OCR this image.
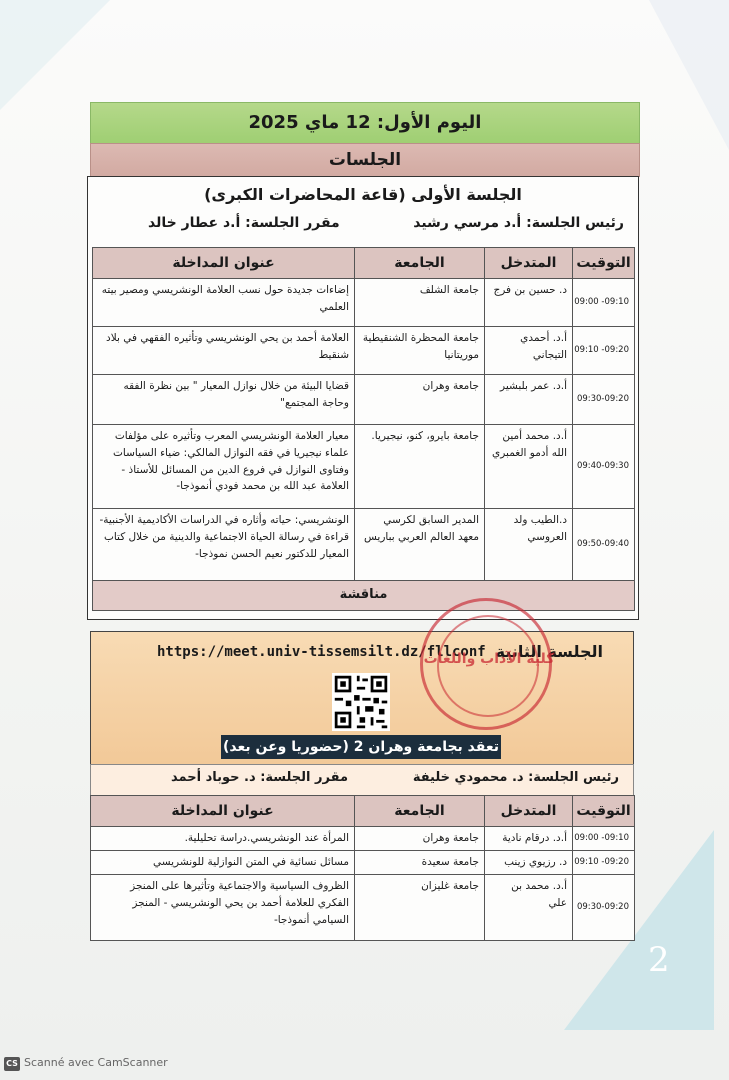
2
اليوم الأول: 12 ماي 2025
الجلسات
الجلسة الأولى (قاعة المحاضرات الكبرى)
رئيس الجلسة: أ.د مرسي رشيد
مقرر الجلسة: أ.د عطار خالد
التوقيت	المتدخل	الجامعة	عنوان المداخلة
09:10- 09:00	د. حسين بن فرج	جامعة الشلف	إضاءات جديدة حول نسب العلامة الونشريسي ومصير بيته العلمي
09:20- 09:10	أ.د. أحمدي التيجاني	جامعة المحظرة الشنقيطية موريتانيا	العلامة أحمد بن يحي الونشريسي وتأثيره الفقهي في بلاد شنقيط
09:30-09:20	أ.د. عمر بلبشير	جامعة وهران	قضايا البيئة من خلال نوازل المعيار " بين نظرة الفقه وحاجة المجتمع"
09:40-09:30	أ.د. محمد أمين الله أدمو الغمبري	جامعة بايرو، كنو، نيجيريا.	معيار العلامة الونشريسي المعرب وتأثيره على مؤلفات علماء نيجيريا في فقه النوازل المالكي: ضياء السياسات وفتاوى النوازل في فروع الدين من المسائل للأستاذ - العلامة عبد الله بن محمد فودي أنموذجا-
09:50-09:40	د.الطيب ولد العروسي	المدير السابق لكرسي معهد العالم العربي بباريس	الونشريسي: حياته وأثاره في الدراسات الأكاديمية الأجنبية- قراءة في رسالة الحياة الاجتماعية والدينية من خلال كتاب المعيار للدكتور نعيم الحسن نموذجا-
مناقشة			
الجلسة الثانية
https://meet.univ-tissemsilt.dz/fllconf
تعقد بجامعة وهران 2 (حضوريا وعن بعد)
كلية الآداب واللغات
رئيس الجلسة: د. محمودي خليفة
مقرر الجلسة: د. حوباد أحمد
التوقيت	المتدخل	الجامعة	عنوان المداخلة
09:10- 09:00	أ.د. درقام نادية	جامعة وهران	المرأة عند الونشريسي.دراسة تحليلية.
09:20- 09:10	د. رزيوي زينب	جامعة سعيدة	مسائل نسائية في المتن النوازلية للونشريسي
09:30-09:20	أ.د. محمد بن علي	جامعة غليزان	الظروف السياسية والاجتماعية وتأثيرها على المنجز الفكري للعلامة أحمد بن يحي الونشريسي - المنجز السيامي أنموذجا-
CS Scanné avec CamScanner
